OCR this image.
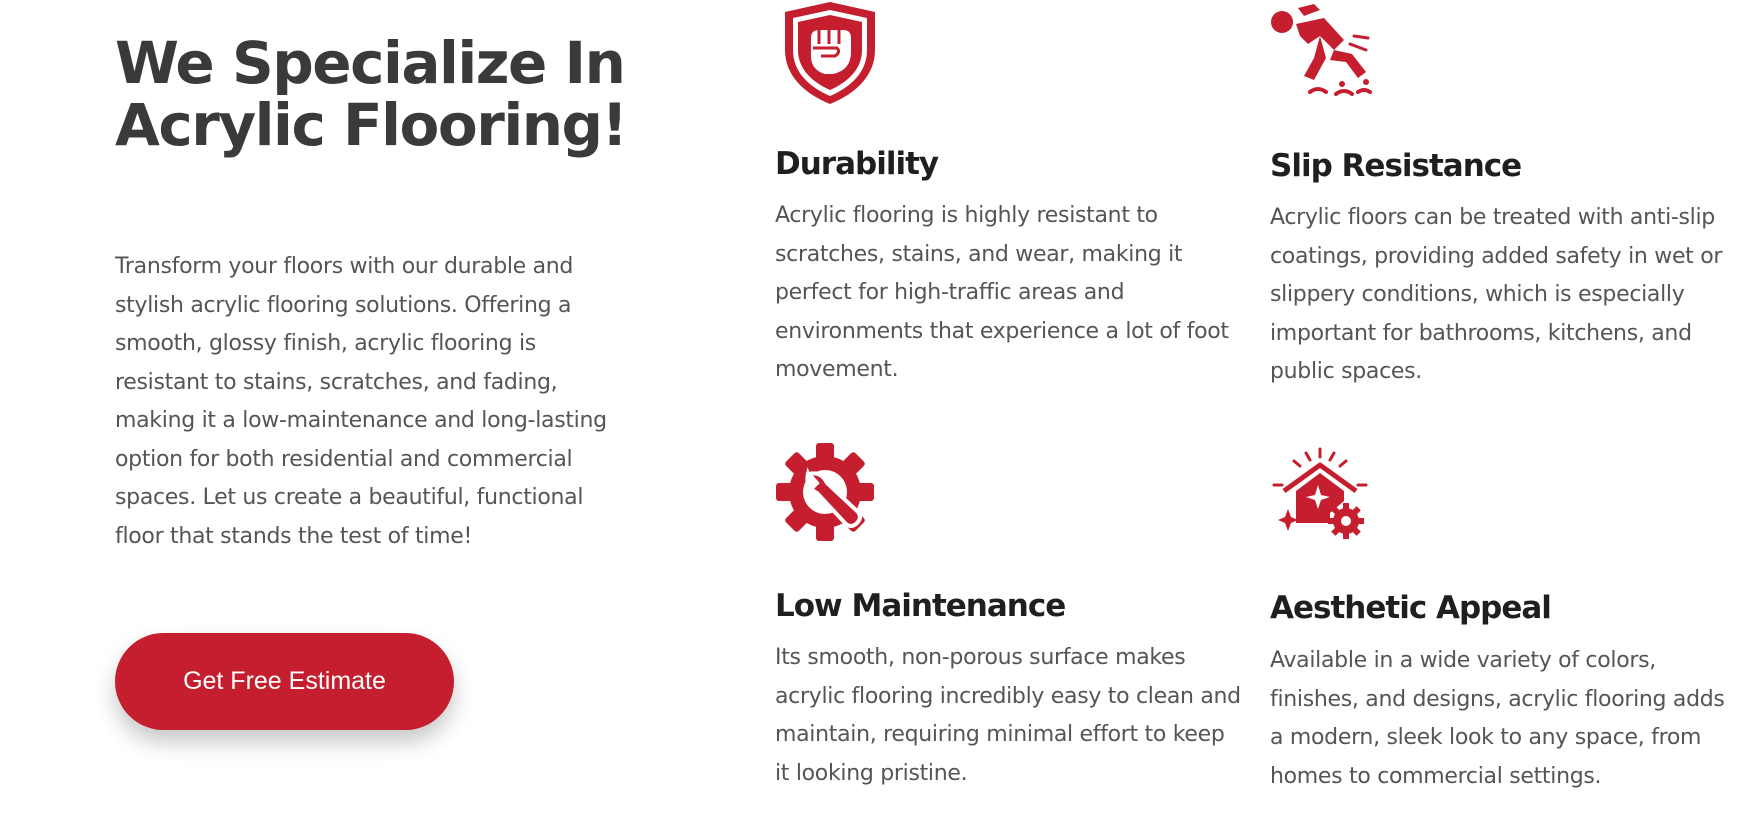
We Specialize In
Acrylic Flooring!

Transform your floors with our durable and stylish acrylic flooring solutions. Offering a smooth, glossy finish, acrylic flooring is resistant to stains, scratches, and fading, making it a low-maintenance and long-lasting option for both residential and commercial spaces. Let us create a beautiful, functional floor that stands the test of time!

Get Free Estimate
Durability

Acrylic flooring is highly resistant to scratches, stains, and wear, making it perfect for high-traffic areas and environments that experience a lot of foot movement.

Slip Resistance

Acrylic floors can be treated with anti-slip coatings, providing added safety in wet or slippery conditions, which is especially important for bathrooms, kitchens, and public spaces.

Low Maintenance

Its smooth, non-porous surface makes acrylic flooring incredibly easy to clean and maintain, requiring minimal effort to keep it looking pristine.

Aesthetic Appeal

Available in a wide variety of colors, finishes, and designs, acrylic flooring adds a modern, sleek look to any space, from homes to commercial settings.
